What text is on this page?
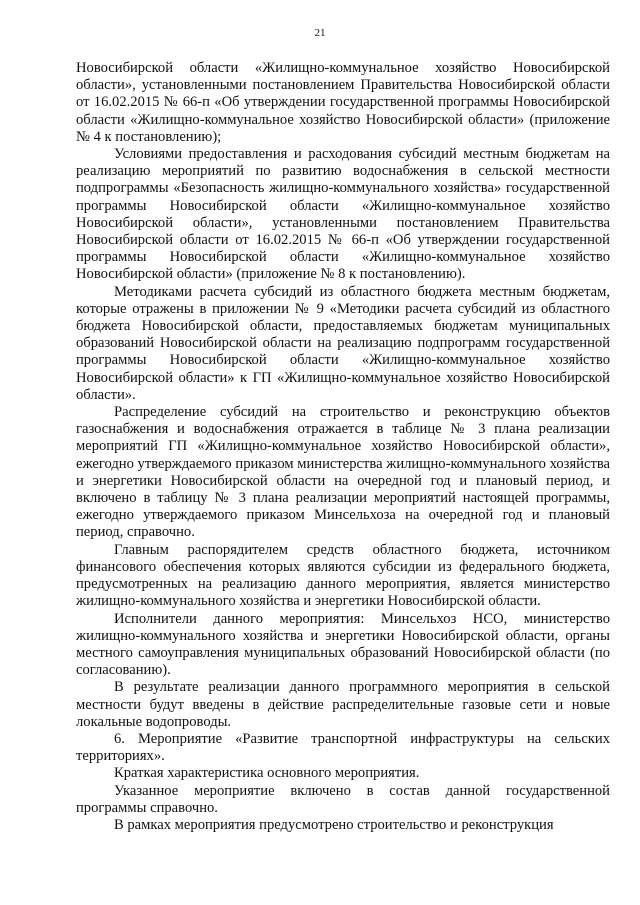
21

Новосибирской области «Жилищно-коммунальное хозяйство Новосибирской области», установленными постановлением Правительства Новосибирской области от 16.02.2015 № 66-п «Об утверждении государственной программы Новосибирской области «Жилищно-коммунальное хозяйство Новосибирской области» (приложение № 4 к постановлению);

Условиями предоставления и расходования субсидий местным бюджетам на реализацию мероприятий по развитию водоснабжения в сельской местности подпрограммы «Безопасность жилищно-коммунального хозяйства» государственной программы Новосибирской области «Жилищно-коммунальное хозяйство Новосибирской области», установленными постановлением Правительства Новосибирской области от 16.02.2015 № 66-п «Об утверждении государственной программы Новосибирской области «Жилищно-коммунальное хозяйство Новосибирской области» (приложение № 8 к постановлению).

Методиками расчета субсидий из областного бюджета местным бюджетам, которые отражены в приложении № 9 «Методики расчета субсидий из областного бюджета Новосибирской области, предоставляемых бюджетам муниципальных образований Новосибирской области на реализацию подпрограмм государственной программы Новосибирской области «Жилищно-коммунальное хозяйство Новосибирской области» к ГП «Жилищно-коммунальное хозяйство Новосибирской области».

Распределение субсидий на строительство и реконструкцию объектов газоснабжения и водоснабжения отражается в таблице № 3 плана реализации мероприятий ГП «Жилищно-коммунальное хозяйство Новосибирской области», ежегодно утверждаемого приказом министерства жилищно-коммунального хозяйства и энергетики Новосибирской области на очередной год и плановый период, и включено в таблицу № 3 плана реализации мероприятий настоящей программы, ежегодно утверждаемого приказом Минсельхоза на очередной год и плановый период, справочно.

Главным распорядителем средств областного бюджета, источником финансового обеспечения которых являются субсидии из федерального бюджета, предусмотренных на реализацию данного мероприятия, является министерство жилищно-коммунального хозяйства и энергетики Новосибирской области.

Исполнители данного мероприятия: Минсельхоз НСО, министерство жилищно-коммунального хозяйства и энергетики Новосибирской области, органы местного самоуправления муниципальных образований Новосибирской области (по согласованию).

В результате реализации данного программного мероприятия в сельской местности будут введены в действие распределительные газовые сети и новые локальные водопроводы.

6. Мероприятие «Развитие транспортной инфраструктуры на сельских территориях».

Краткая характеристика основного мероприятия.

Указанное мероприятие включено в состав данной государственной программы справочно.

В рамках мероприятия предусмотрено строительство и реконструкция
